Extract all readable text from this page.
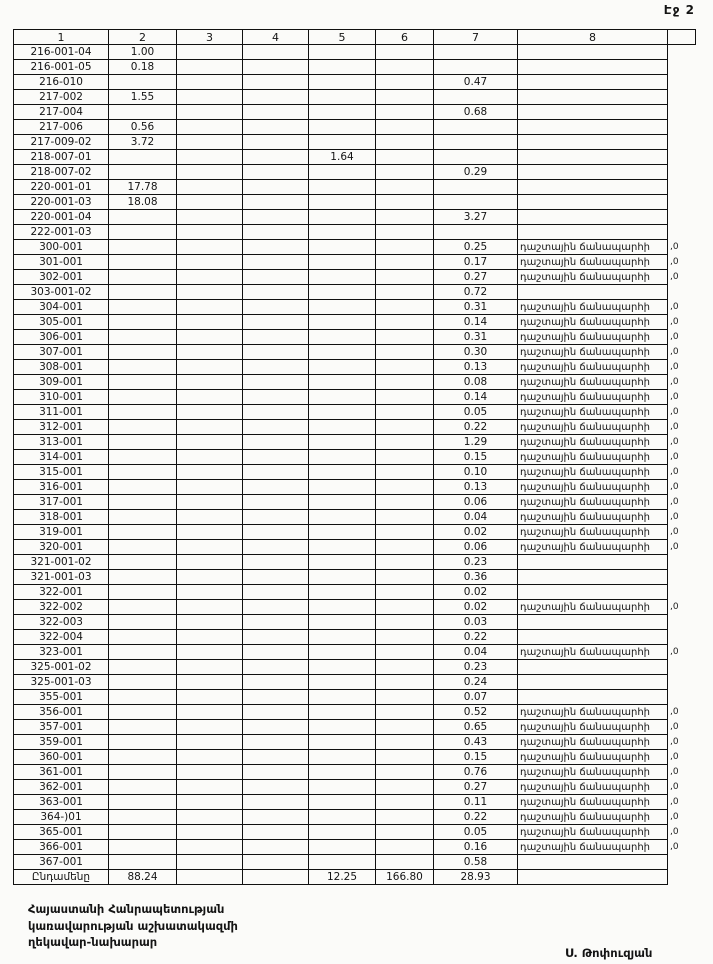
Էջ 2
1	2	3	4	5	6	7	8	
216-001-04	1.00							
216-001-05	0.18							
216-010						0.47		
217-002	1.55							
217-004						0.68		
217-006	0.56							
217-009-02	3.72							
218-007-01				1.64				
218-007-02						0.29		
220-001-01	17.78							
220-001-03	18.08							
220-001-04						3.27		
222-001-03								
300-001						0.25	դաշտային ճանապարհի	,0
301-001						0.17	դաշտային ճանապարհի	,0
302-001						0.27	դաշտային ճանապարհի	,0
303-001-02						0.72		
304-001						0.31	դաշտային ճանապարհի	,0
305-001						0.14	դաշտային ճանապարհի	,0
306-001						0.31	դաշտային ճանապարհի	,0
307-001						0.30	դաշտային ճանապարհի	,0
308-001						0.13	դաշտային ճանապարհի	,0
309-001						0.08	դաշտային ճանապարհի	,0
310-001						0.14	դաշտային ճանապարհի	,0
311-001						0.05	դաշտային ճանապարհի	,0
312-001						0.22	դաշտային ճանապարհի	,0
313-001						1.29	դաշտային ճանապարհի	,0
314-001						0.15	դաշտային ճանապարհի	,0
315-001						0.10	դաշտային ճանապարհի	,0
316-001						0.13	դաշտային ճանապարհի	,0
317-001						0.06	դաշտային ճանապարհի	,0
318-001						0.04	դաշտային ճանապարհի	,0
319-001						0.02	դաշտային ճանապարհի	,0
320-001						0.06	դաշտային ճանապարհի	,0
321-001-02						0.23		
321-001-03						0.36		
322-001						0.02		
322-002						0.02	դաշտային ճանապարհի	,0
322-003						0.03		
322-004						0.22		
323-001						0.04	դաշտային ճանապարհի	,0
325-001-02						0.23		
325-001-03						0.24		
355-001						0.07		
356-001						0.52	դաշտային ճանապարհի	,0
357-001						0.65	դաշտային ճանապարհի	,0
359-001						0.43	դաշտային ճանապարհի	,0
360-001						0.15	դաշտային ճանապարհի	,0
361-001						0.76	դաշտային ճանապարհի	,0
362-001						0.27	դաշտային ճանապարհի	,0
363-001						0.11	դաշտային ճանապարհի	,0
364-)01						0.22	դաշտային ճանապարհի	,0
365-001						0.05	դաշտային ճանապարհի	,0
366-001						0.16	դաշտային ճանապարհի	,0
367-001						0.58		
Ընդամենը	88.24			12.25	166.80	28.93		
Հայաստանի Հանրապետության
կառավարության աշխատակազմի
ղեկավար-նախարար
Ս. Թոփուզյան
